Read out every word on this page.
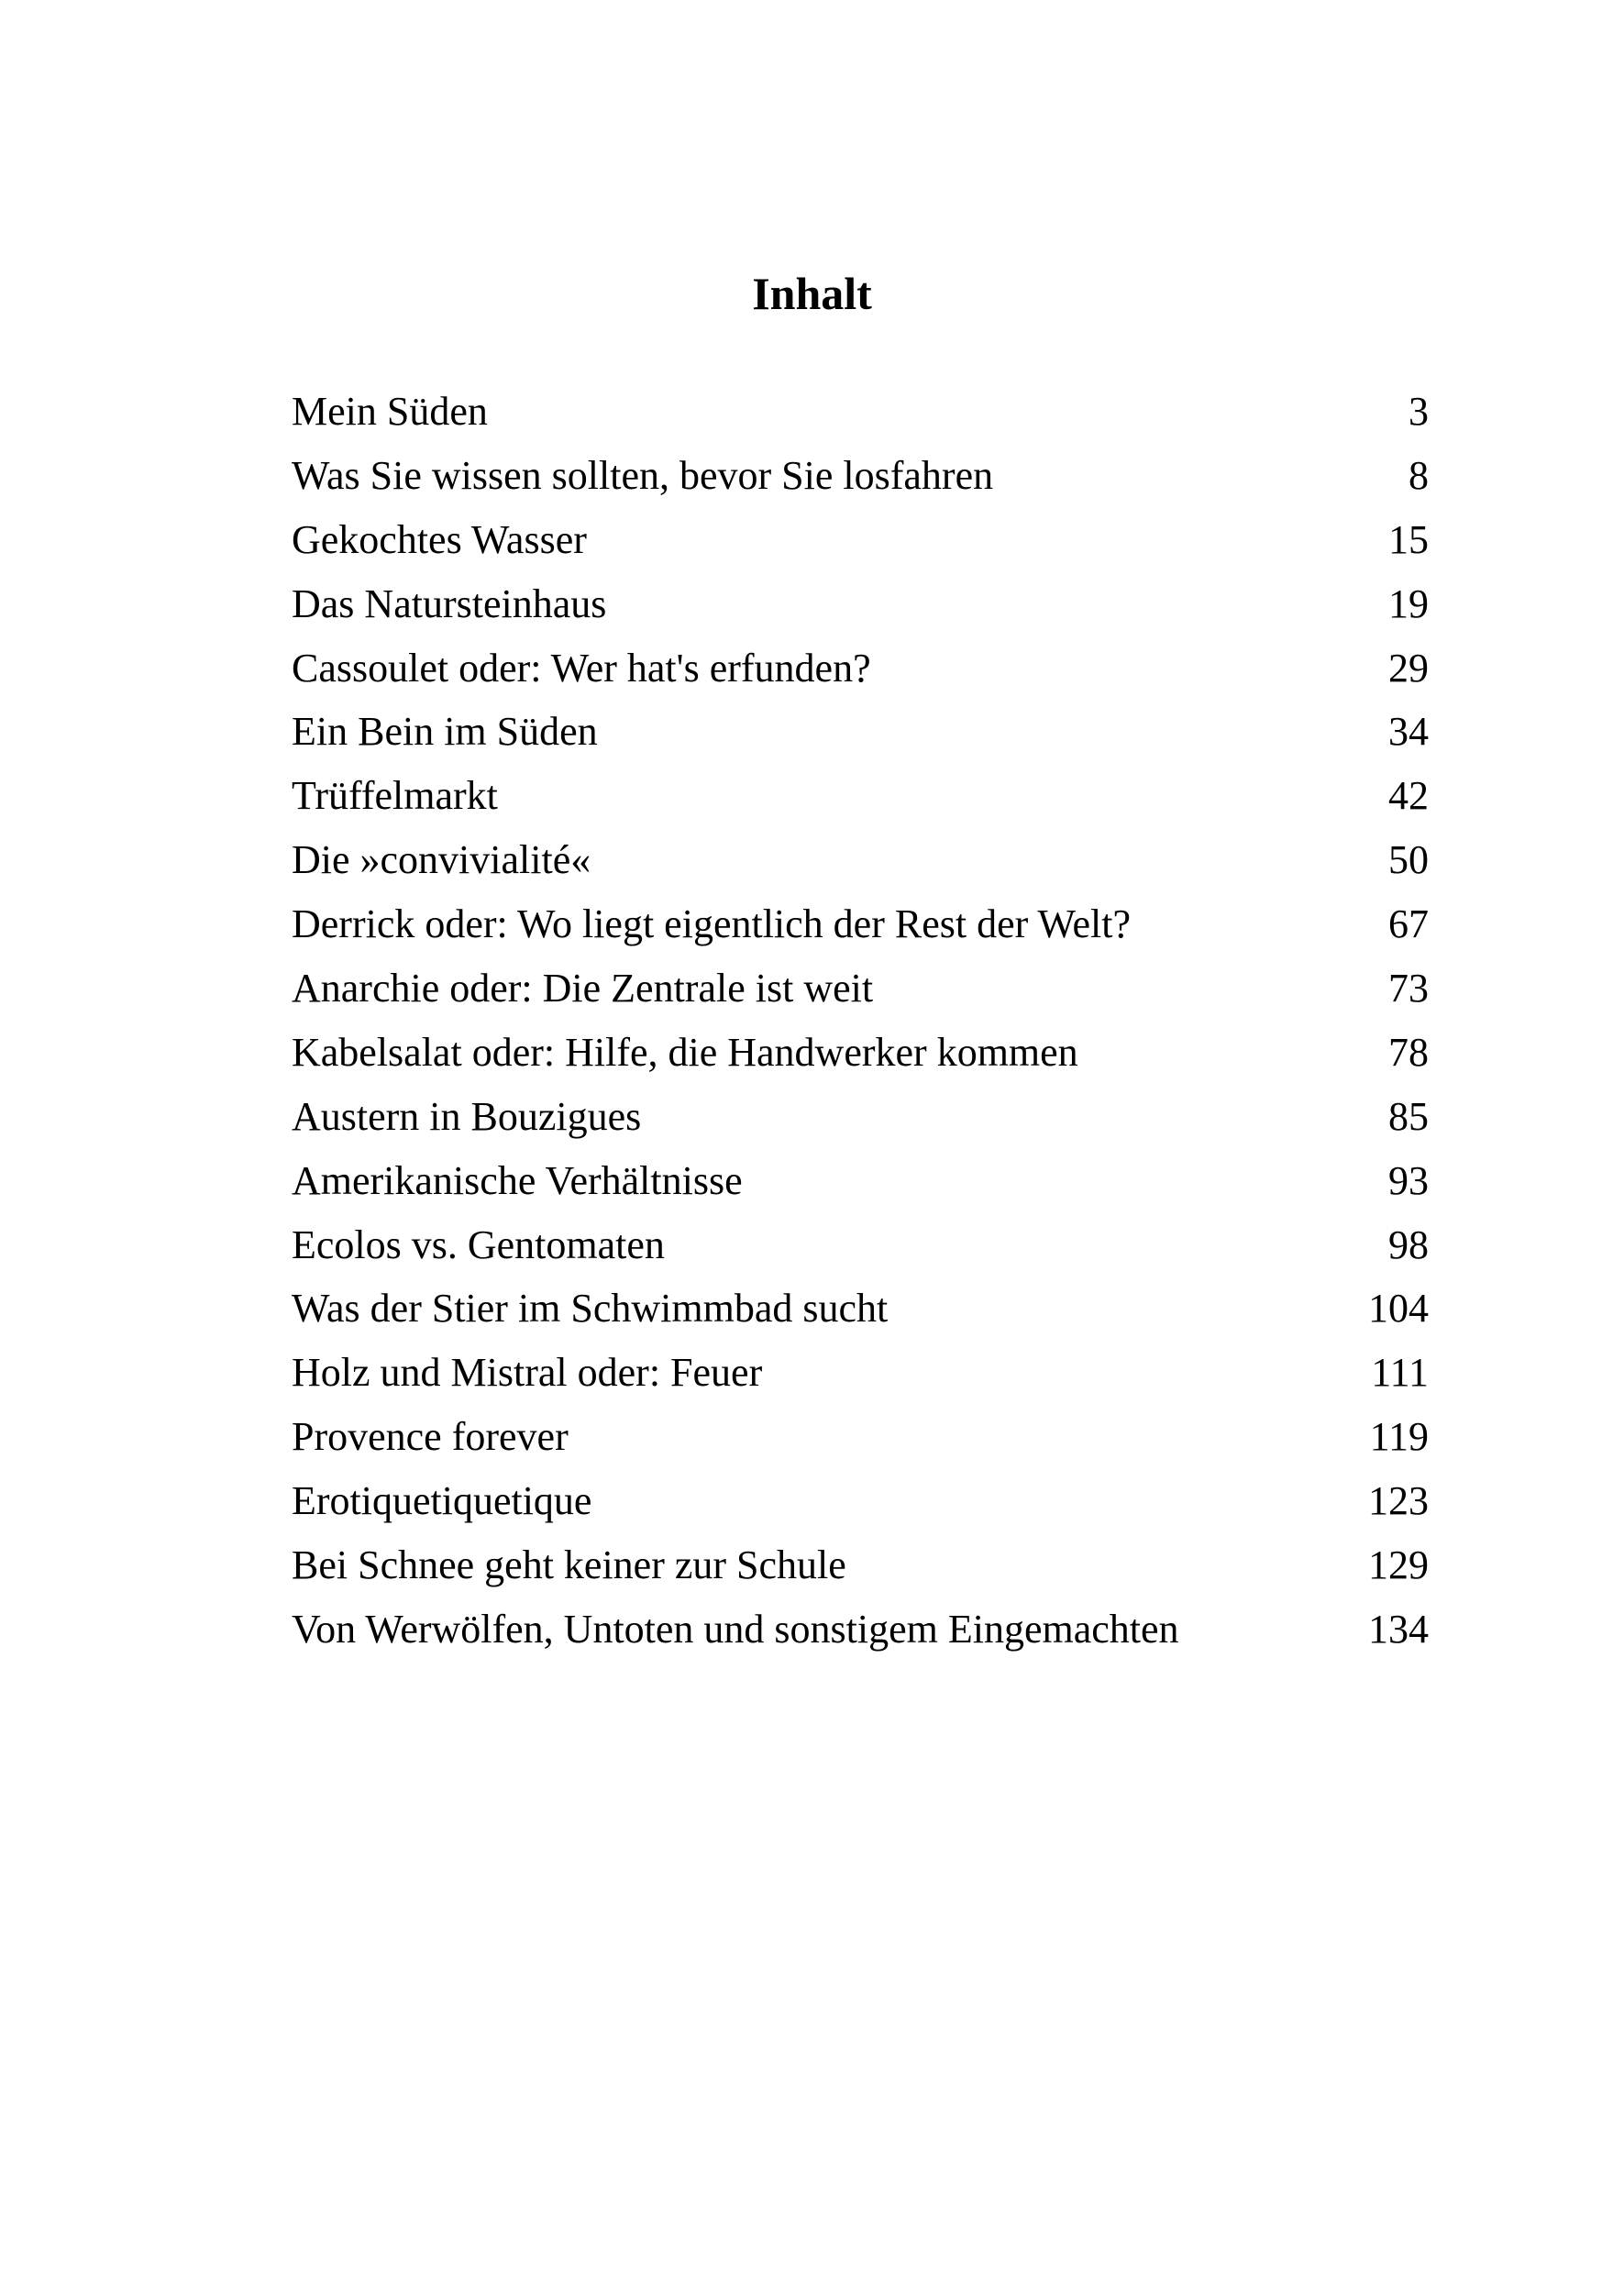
Inhalt
Mein Süden	3
Was Sie wissen sollten, bevor Sie losfahren	8
Gekochtes Wasser	15
Das Natursteinhaus	19
Cassoulet oder: Wer hat's erfunden?	29
Ein Bein im Süden	34
Trüffelmarkt	42
Die »convivialité«	50
Derrick oder: Wo liegt eigentlich der Rest der Welt?	67
Anarchie oder: Die Zentrale ist weit	73
Kabelsalat oder: Hilfe, die Handwerker kommen	78
Austern in Bouzigues	85
Amerikanische Verhältnisse	93
Ecolos vs. Gentomaten	98
Was der Stier im Schwimmbad sucht	104
Holz und Mistral oder: Feuer	111
Provence forever	119
Erotiquetiquetique	123
Bei Schnee geht keiner zur Schule	129
Von Werwölfen, Untoten und sonstigem Eingemachten	134
